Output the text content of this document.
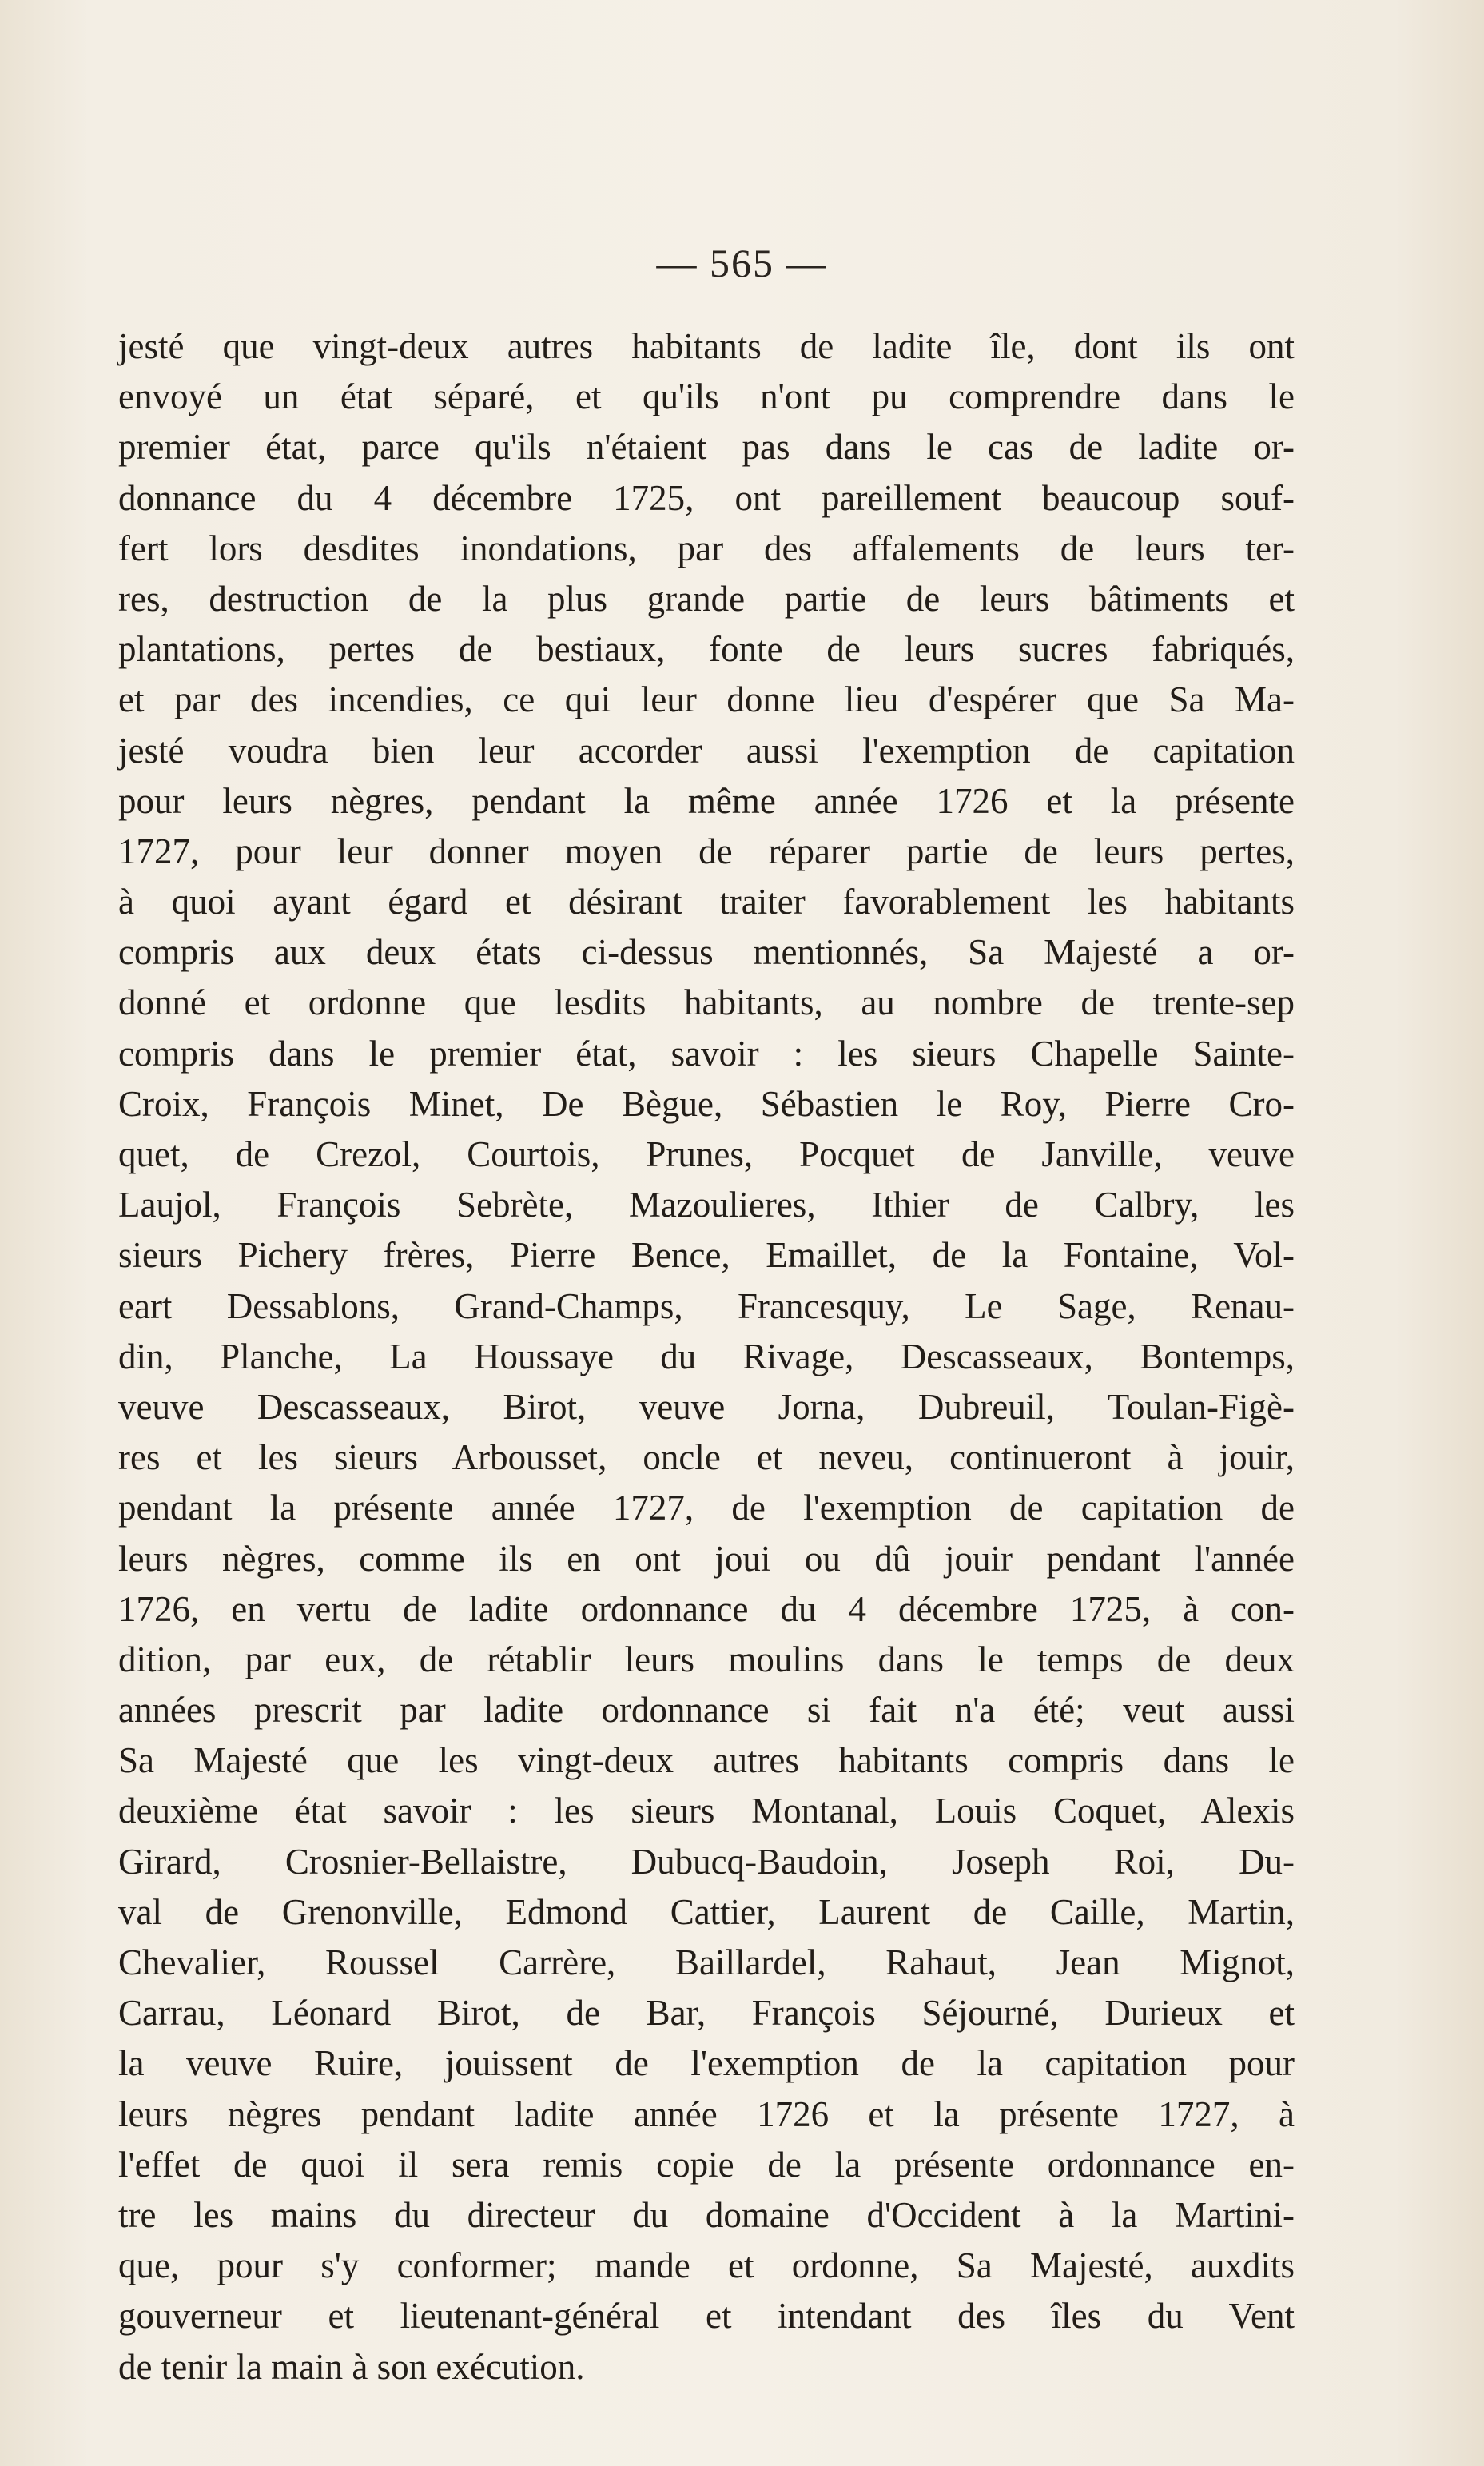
— 565 —
jesté que vingt-deux autres habitants de ladite île, dont ils ont
envoyé un état séparé, et qu'ils n'ont pu comprendre dans le
premier état, parce qu'ils n'étaient pas dans le cas de ladite or-
donnance du 4 décembre 1725, ont pareillement beaucoup souf-
fert lors desdites inondations, par des affalements de leurs ter-
res, destruction de la plus grande partie de leurs bâtiments et
plantations, pertes de bestiaux, fonte de leurs sucres fabriqués,
et par des incendies, ce qui leur donne lieu d'espérer que Sa Ma-
jesté voudra bien leur accorder aussi l'exemption de capitation
pour leurs nègres, pendant la même année 1726 et la présente
1727, pour leur donner moyen de réparer partie de leurs pertes,
à quoi ayant égard et désirant traiter favorablement les habitants
compris aux deux états ci-dessus mentionnés, Sa Majesté a or-
donné et ordonne que lesdits habitants, au nombre de trente-sep
compris dans le premier état, savoir : les sieurs Chapelle Sainte-
Croix, François Minet, De Bègue, Sébastien le Roy, Pierre Cro-
quet, de Crezol, Courtois, Prunes, Pocquet de Janville, veuve
Laujol, François Sebrète, Mazoulieres, Ithier de Calbry, les
sieurs Pichery frères, Pierre Bence, Emaillet, de la Fontaine, Vol-
eart Dessablons, Grand-Champs, Francesquy, Le Sage, Renau-
din, Planche, La Houssaye du Rivage, Descasseaux, Bontemps,
veuve Descasseaux, Birot, veuve Jorna, Dubreuil, Toulan-Figè-
res et les sieurs Arbousset, oncle et neveu, continueront à jouir,
pendant la présente année 1727, de l'exemption de capitation de
leurs nègres, comme ils en ont joui ou dû jouir pendant l'année
1726, en vertu de ladite ordonnance du 4 décembre 1725, à con-
dition, par eux, de rétablir leurs moulins dans le temps de deux
années prescrit par ladite ordonnance si fait n'a été; veut aussi
Sa Majesté que les vingt-deux autres habitants compris dans le
deuxième état savoir : les sieurs Montanal, Louis Coquet, Alexis
Girard, Crosnier-Bellaistre, Dubucq-Baudoin, Joseph Roi, Du-
val de Grenonville, Edmond Cattier, Laurent de Caille, Martin,
Chevalier, Roussel Carrère, Baillardel, Rahaut, Jean Mignot,
Carrau, Léonard Birot, de Bar, François Séjourné, Durieux et
la veuve Ruire, jouissent de l'exemption de la capitation pour
leurs nègres pendant ladite année 1726 et la présente 1727, à
l'effet de quoi il sera remis copie de la présente ordonnance en-
tre les mains du directeur du domaine d'Occident à la Martini-
que, pour s'y conformer; mande et ordonne, Sa Majesté, auxdits
gouverneur et lieutenant-général et intendant des îles du Vent
de tenir la main à son exécution.
